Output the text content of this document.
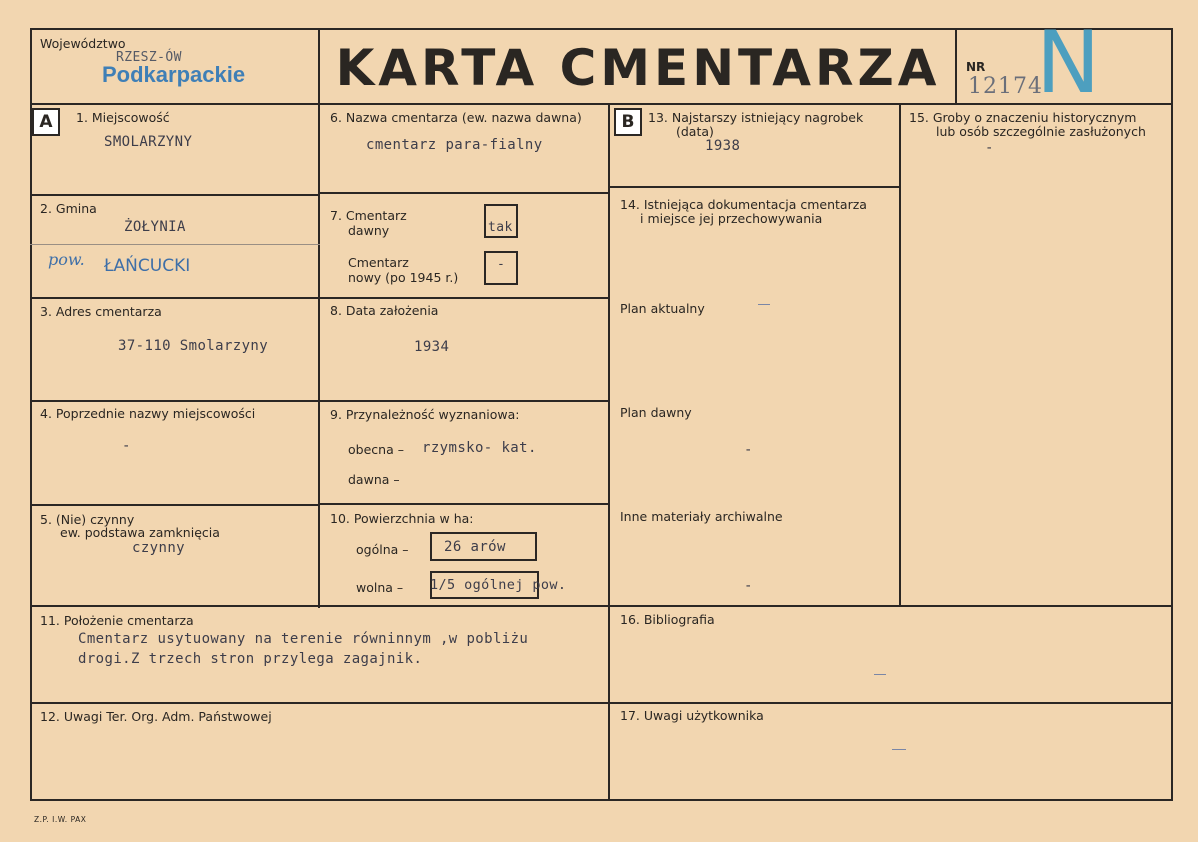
Województwo
RZESZ-ÓW
Podkarpackie	KARTA CMENTARZA	NR
12174
N
A	B
1. Miejscowość
SMOLARZYNY
2. Gmina
ŻOŁYNIA
pow. ŁAŃCUCKI
3. Adres cmentarza
37-110 Smolarzyny
4. Poprzednie nazwy miejscowości
-
5. (Nie) czynny
ew. podstawa zamknięcia
czynny
6. Nazwa cmentarza (ew. nazwa dawna)
cmentarz para-fialny
7. Cmentarz
dawny	tak
Cmentarz
nowy (po 1945 r.)
-
8. Data założenia
1934
9. Przynależność wyznaniowa:
obecna – rzymsko- kat.
dawna –
10. Powierzchnia w ha:
ogólna –	26 arów
wolna – 1/5 ogólnej pow.
13. Najstarszy istniejący nagrobek
(data)
1938
14. Istniejąca dokumentacja cmentarza
i miejsce jej przechowywania
Plan aktualny
Plan dawny
-
Inne materiały archiwalne
-
15. Groby o znaczeniu historycznym
lub osób szczególnie zasłużonych
-
11. Położenie cmentarza
Cmentarz usytuowany na terenie równinnym ,w pobliżu
drogi.Z trzech stron przylega zagajnik.
12. Uwagi Ter. Org. Adm. Państwowej
16. Bibliografia
17. Uwagi użytkownika
Z.P. I.W. PAX
